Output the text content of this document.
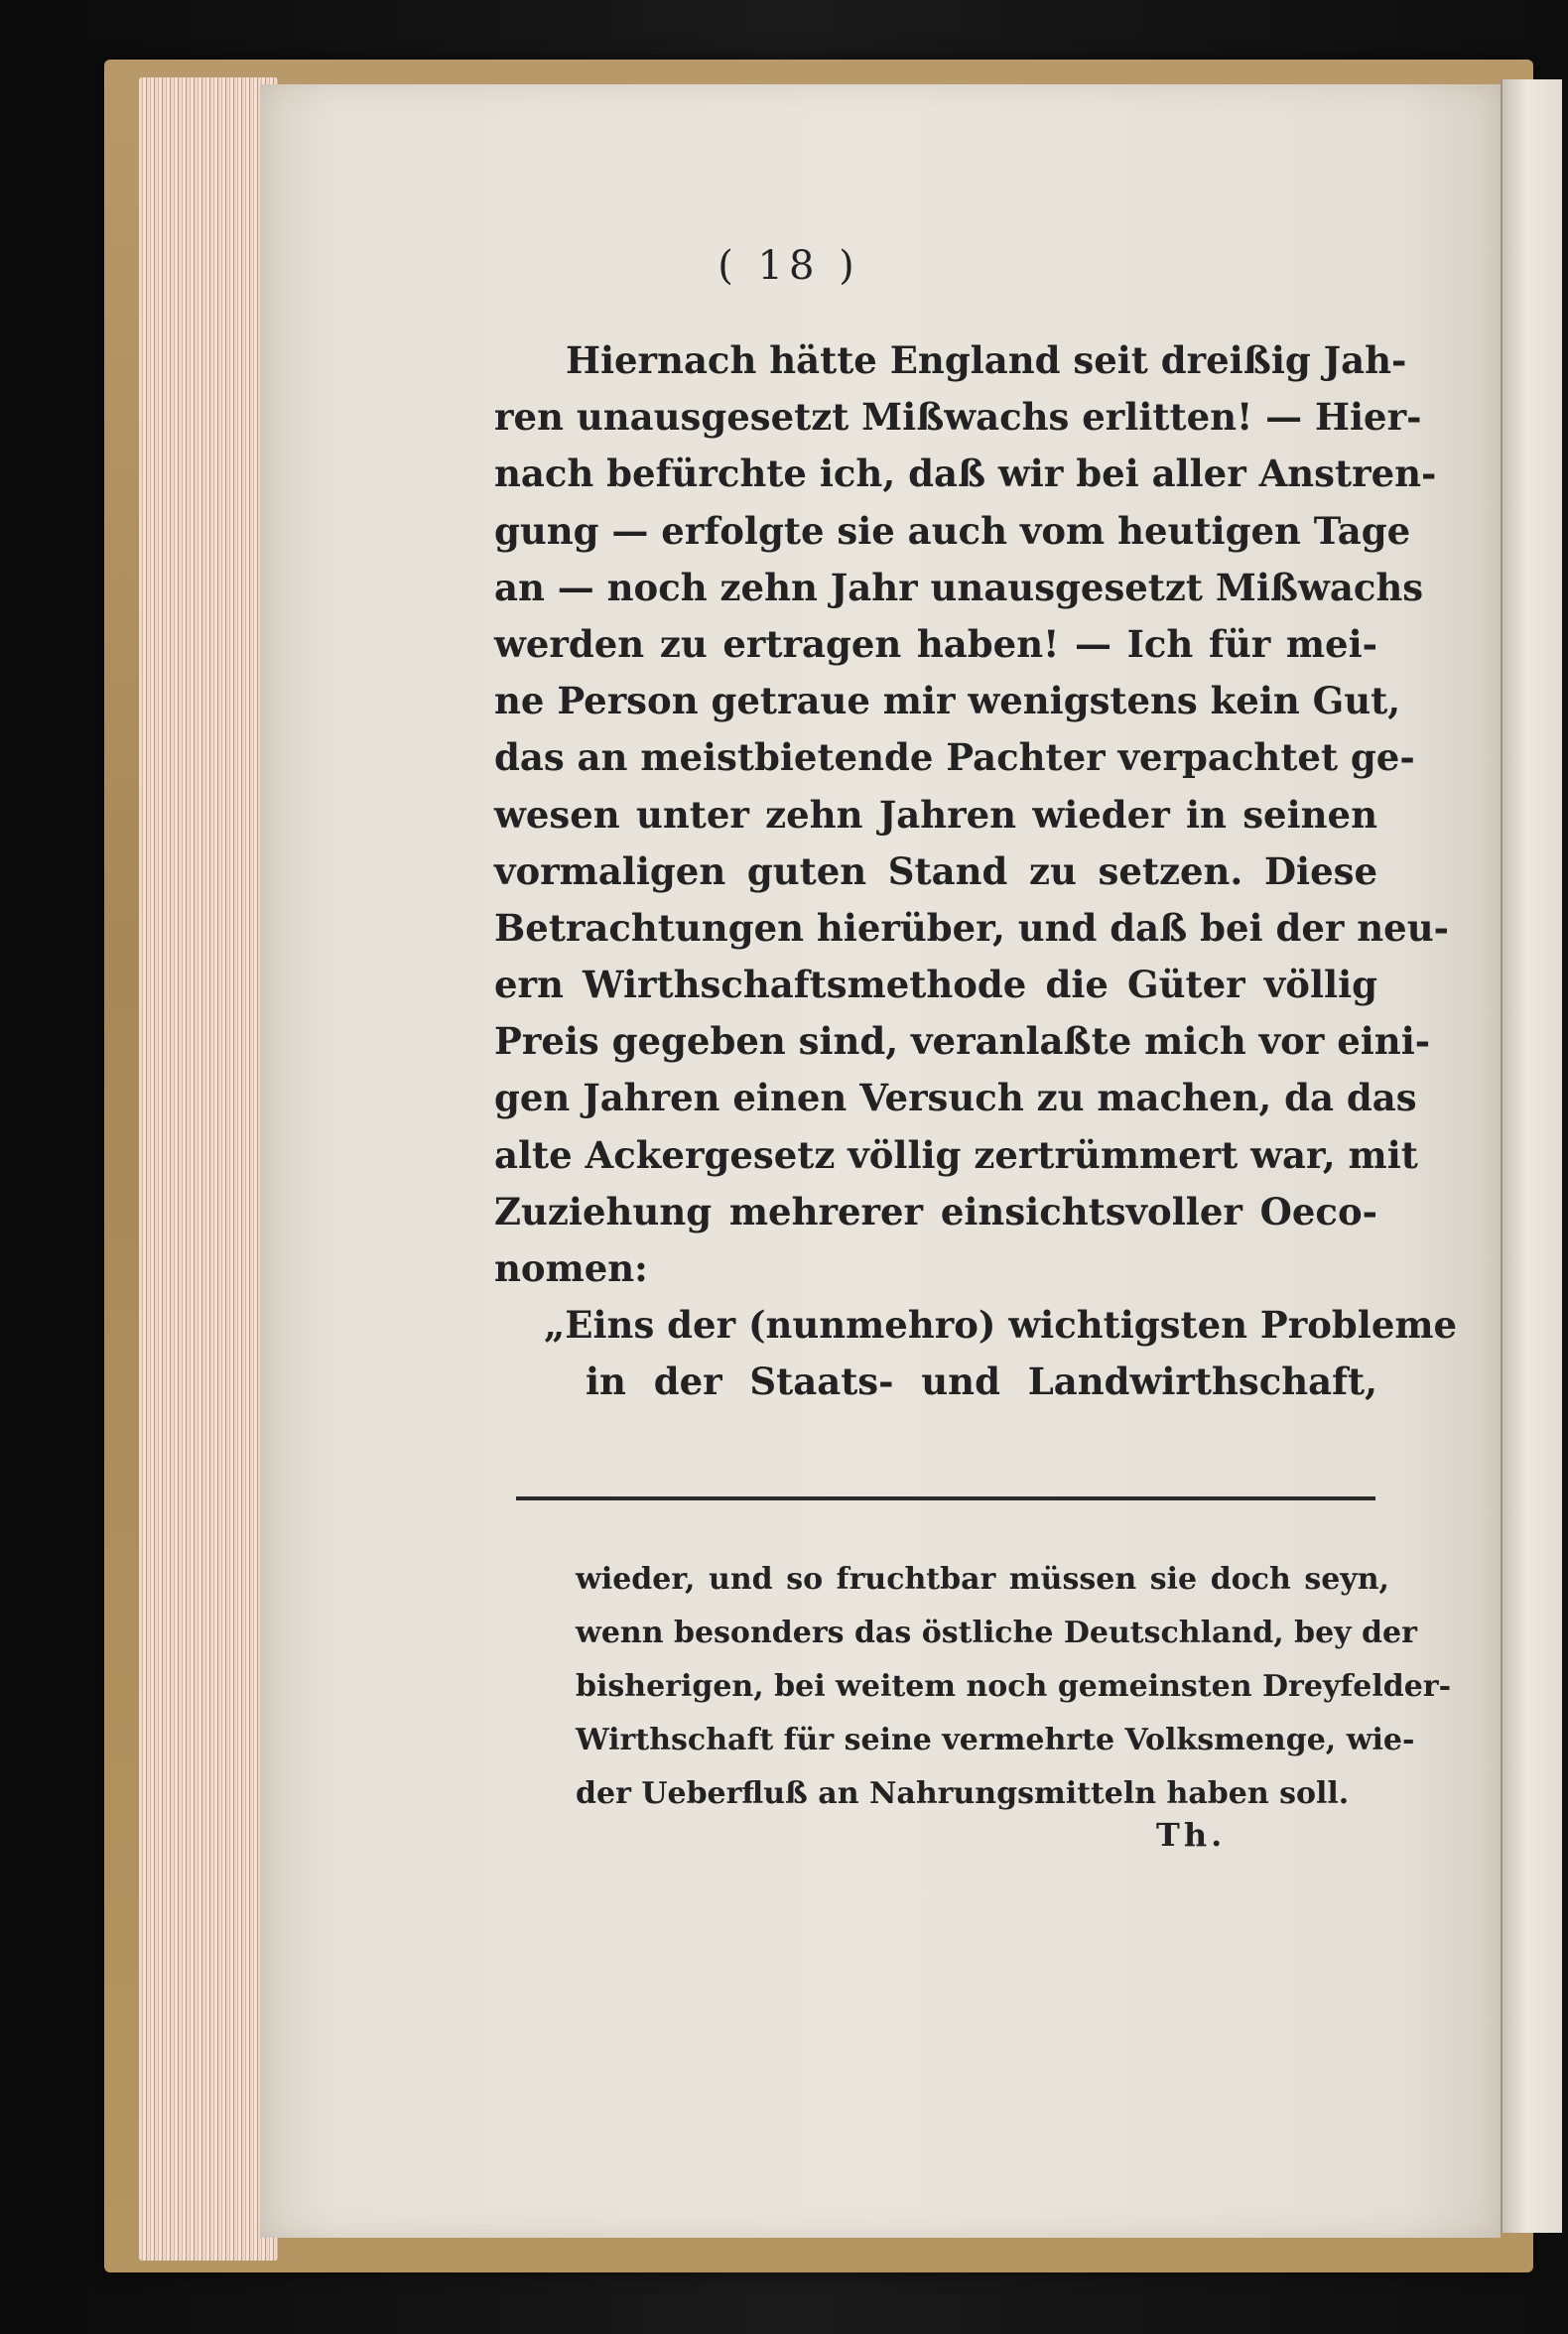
( 18 )
Hiernach hätte England seit dreißig Jah-
ren unausgesetzt Mißwachs erlitten! — Hier-
nach befürchte ich, daß wir bei aller Anstren-
gung — erfolgte sie auch vom heutigen Tage
an — noch zehn Jahr unausgesetzt Mißwachs
werden zu ertragen haben! — Ich für mei-
ne Person getraue mir wenigstens kein Gut,
das an meistbietende Pachter verpachtet ge-
wesen unter zehn Jahren wieder in seinen
vormaligen guten Stand zu setzen. Diese
Betrachtungen hierüber, und daß bei der neu-
ern Wirthschaftsmethode die Güter völlig
Preis gegeben sind, veranlaßte mich vor eini-
gen Jahren einen Versuch zu machen, da das
alte Ackergesetz völlig zertrümmert war, mit
Zuziehung mehrerer einsichtsvoller Oeco-
nomen:
„Eins der (nunmehro) wichtigsten Probleme
in der Staats- und Landwirthschaft,
wieder, und so fruchtbar müssen sie doch seyn,
wenn besonders das östliche Deutschland, bey der
bisherigen, bei weitem noch gemeinsten Dreyfelder-
Wirthschaft für seine vermehrte Volksmenge, wie-
der Ueberfluß an Nahrungsmitteln haben soll.
Th.
